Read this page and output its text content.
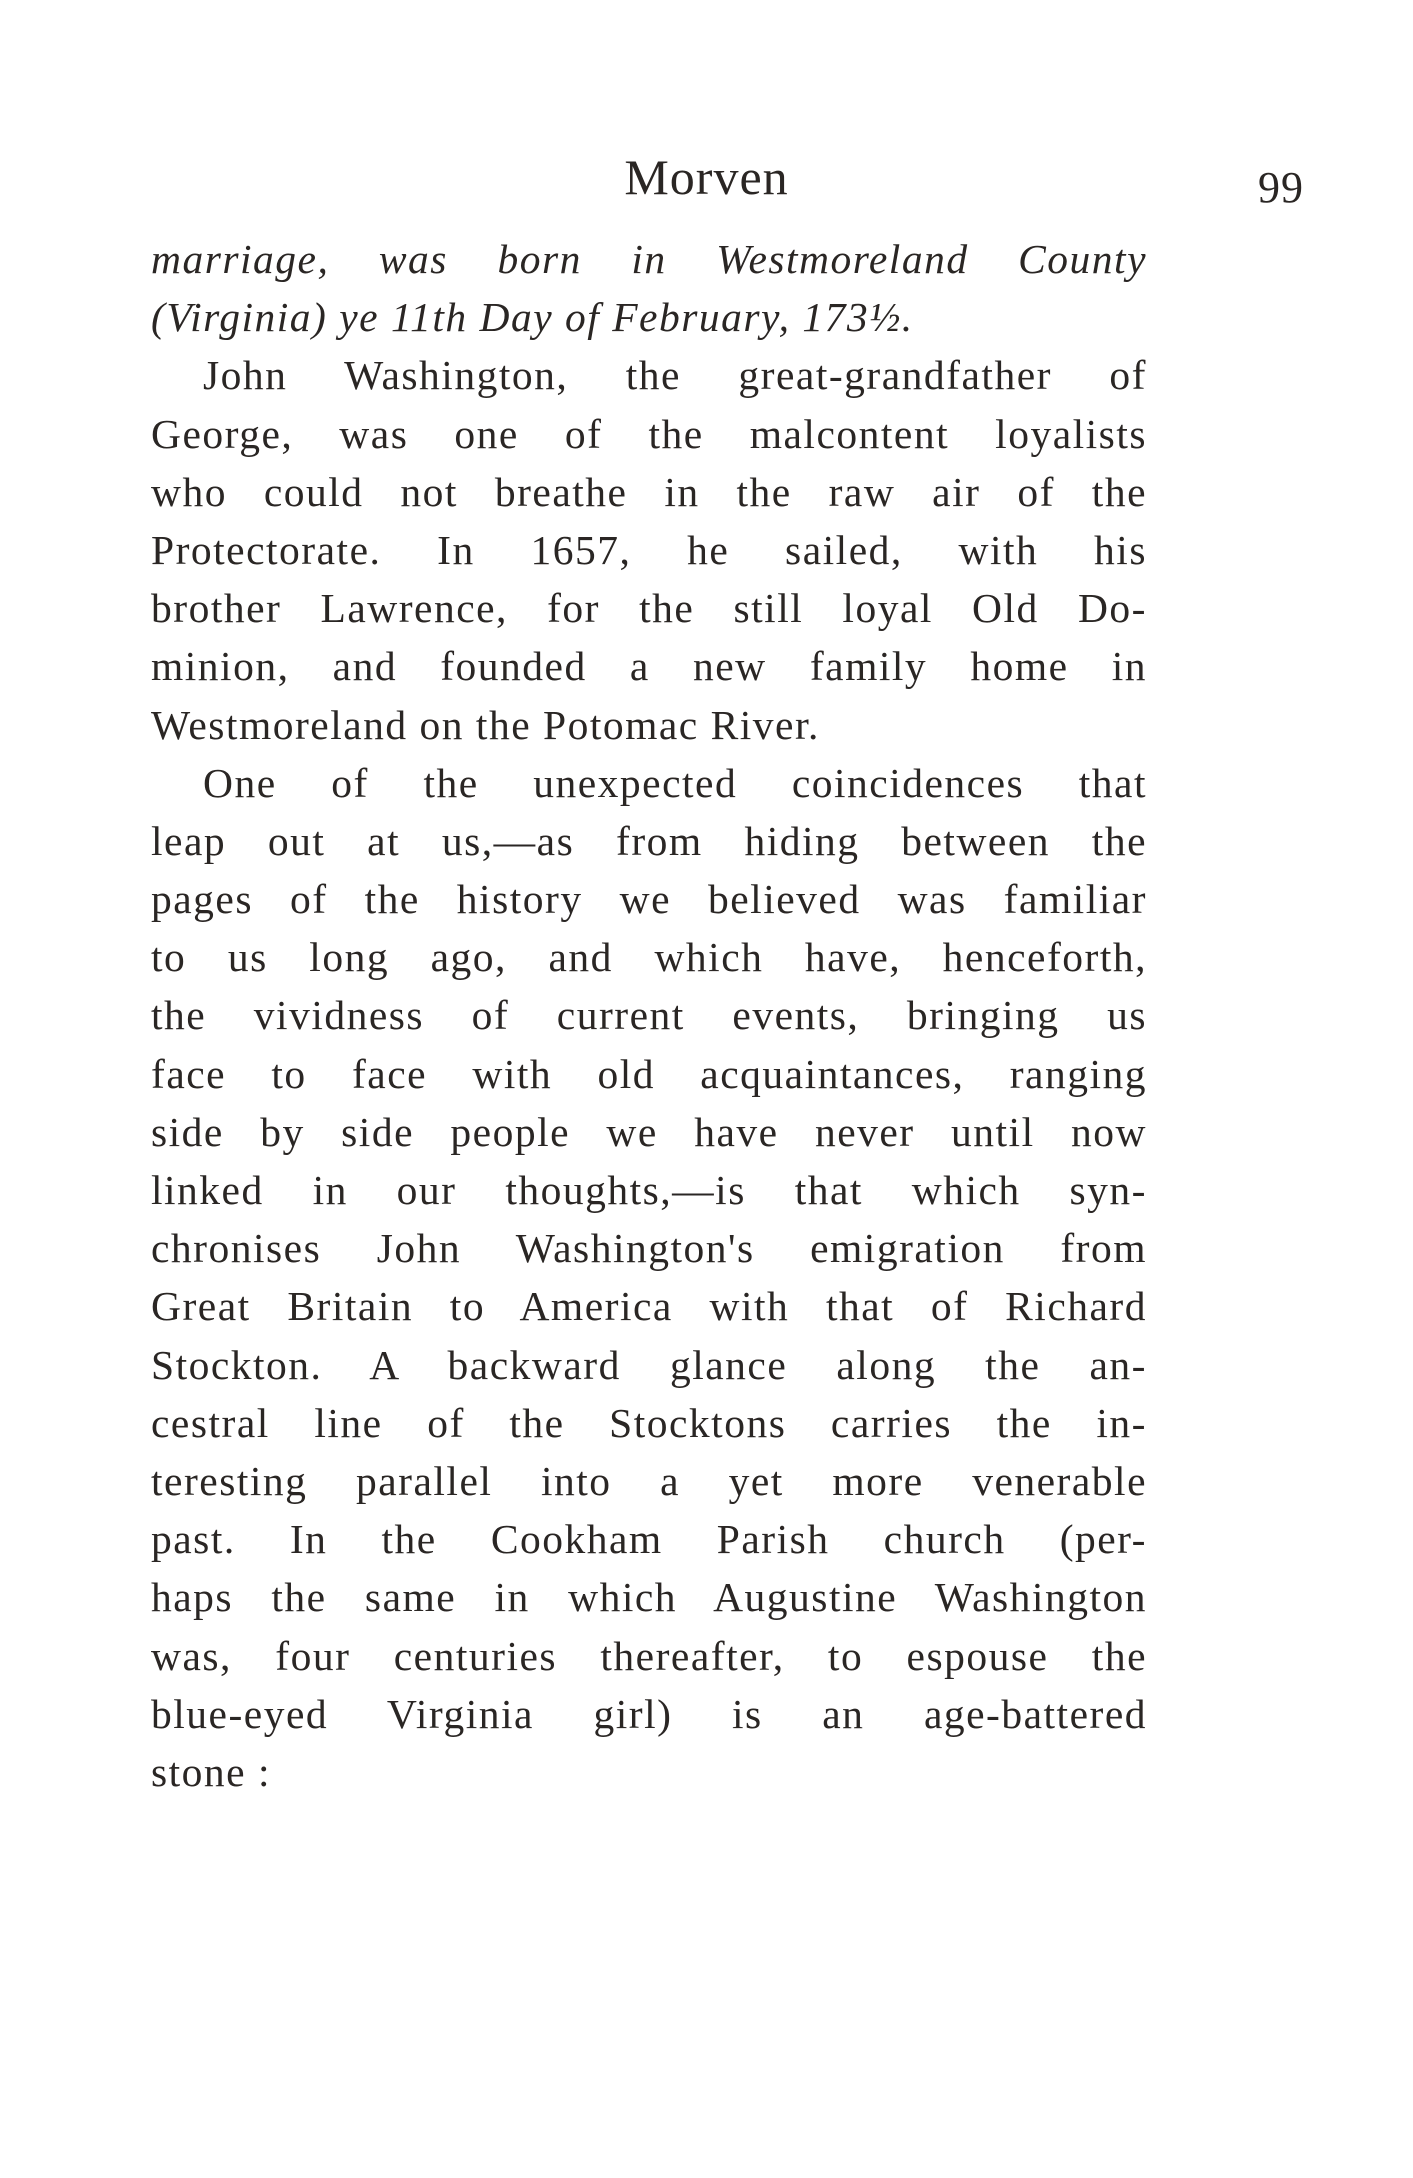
Morven	99
marriage, was born in Westmoreland County
(Virginia) ye 11th Day of February, 173½.
John Washington, the great-grandfather of
George, was one of the malcontent loyalists
who could not breathe in the raw air of the
Protectorate. In 1657, he sailed, with his
brother Lawrence, for the still loyal Old Do-
minion, and founded a new family home in
Westmoreland on the Potomac River.
One of the unexpected coincidences that
leap out at us,—as from hiding between the
pages of the history we believed was familiar
to us long ago, and which have, henceforth,
the vividness of current events, bringing us
face to face with old acquaintances, ranging
side by side people we have never until now
linked in our thoughts,—is that which syn-
chronises John Washington's emigration from
Great Britain to America with that of Richard
Stockton. A backward glance along the an-
cestral line of the Stocktons carries the in-
teresting parallel into a yet more venerable
past. In the Cookham Parish church (per-
haps the same in which Augustine Washington
was, four centuries thereafter, to espouse the
blue-eyed Virginia girl) is an age-battered
stone :
